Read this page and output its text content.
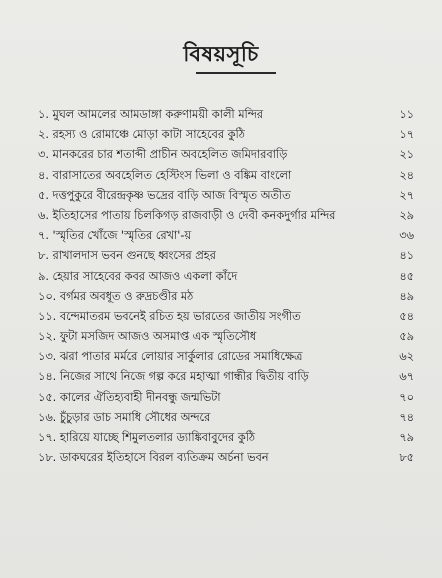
বিষয়সূচি
১. মুঘল আমলের আমডাঙ্গা করুণাময়ী কালী মন্দির	১১
২. রহস্য ও রোমাঞ্চে মোড়া কাটা সাহেবের কুঠি	১৭
৩. মানকরের চার শতাব্দী প্রাচীন অবহেলিত জমিদারবাড়ি	২১
৪. বারাসাতের অবহেলিত হেস্টিংস ভিলা ও বঙ্কিম বাংলো	২৪
৫. দত্তপুকুরে বীরেন্দ্রকৃষ্ণ ভদ্রের বাড়ি আজ বিস্মৃত অতীত	২৭
৬. ইতিহাসের পাতায় চিলকিগড় রাজবাড়ী ও দেবী কনকদুর্গার মন্দির	২৯
৭. 'স্মৃতির খোঁজে 'স্মৃতির রেখা'-য়	৩৬
৮. রাখালদাস ভবন গুনছে ধ্বংসের প্রহর	৪১
৯. হেয়ার সাহেবের কবর আজও একলা কাঁদে	৪৫
১০. বর্গমর অবধূত ও রুদ্রচণ্ডীর মঠ	৪৯
১১. বন্দেমাতরম ভবনেই রচিত হয় ভারতের জাতীয় সংগীত	৫৪
১২. ফুটা মসজিদ আজও অসমাপ্ত এক স্মৃতিসৌধ	৫৯
১৩. ঝরা পাতার মর্মরে লোয়ার সার্কুলার রোডের সমাধিক্ষেত্র	৬২
১৪. নিজের সাথে নিজে গল্প করে মহাত্মা গান্ধীর দ্বিতীয় বাড়ি	৬৭
১৫. কালের ঐতিহ্যবাহী দীনবন্ধু জন্মভিটা	৭০
১৬. চুঁচুড়ার ডাচ সমাধি সৌধের অন্দরে	৭৪
১৭. হারিয়ে যাচ্ছে শিমুলতলার ড্যাঙ্কিবাবুদের কুঠি	৭৯
১৮. ডাকঘরের ইতিহাসে বিরল ব্যতিক্রম অর্চনা ভবন	৮৫
